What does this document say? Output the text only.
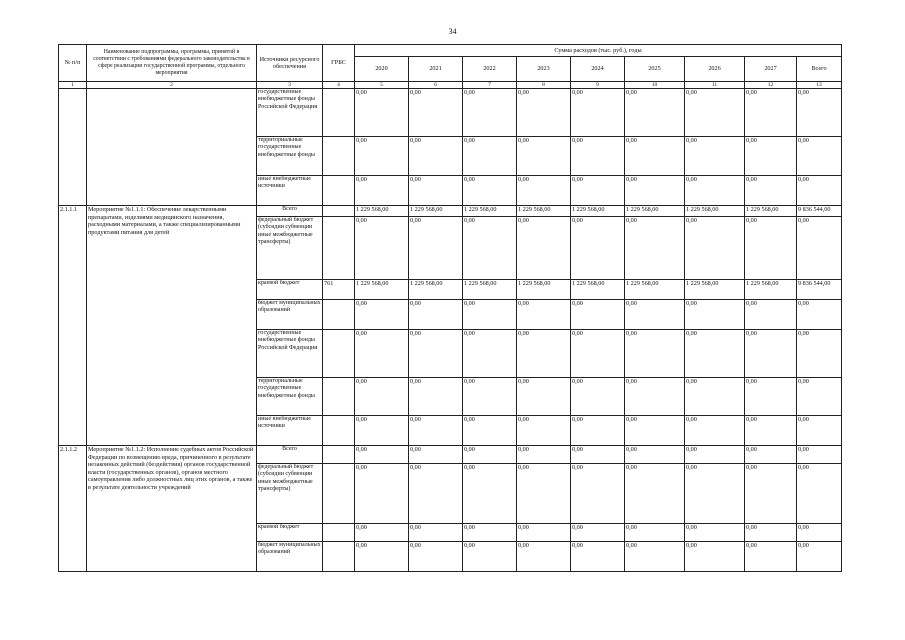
34
№ п/п	Наименование подпрограммы, программы, принятой в соответствии с требованиями федерального законодательства в сфере реализации государственной программы, отдельного мероприятия	Источники ресурсного обеспечения	ГРБС	Сумма расходов (тыс. руб.), годы								
				2020	2021	2022	2023	2024	2025	2026	2027	Всего
1	2	3	4	5	6	7	8	9	10	11	12	13
		государственные внебюджетные фонды Российской Федерации		0,00	0,00	0,00	0,00	0,00	0,00	0,00	0,00	0,00
		территориальные государственные внебюджетные фонды		0,00	0,00	0,00	0,00	0,00	0,00	0,00	0,00	0,00
		иные внебюджетные источники		0,00	0,00	0,00	0,00	0,00	0,00	0,00	0,00	0,00
2.1.1.1	Мероприятие №1.1.1: Обеспечение лекарственными препаратами, изделиями медицинского назначения, расходными материалами, а также специализированными продуктами питания для детей	Всего		1 229 568,00	1 229 568,00	1 229 568,00	1 229 568,00	1 229 568,00	1 229 568,00	1 229 568,00	1 229 568,00	9 836 544,00
		федеральный бюджет (субсидии субвенции иные межбюджетные трансферты)		0,00	0,00	0,00	0,00	0,00	0,00	0,00	0,00	0,00
		краевой бюджет	761	1 229 568,00	1 229 568,00	1 229 568,00	1 229 568,00	1 229 568,00	1 229 568,00	1 229 568,00	1 229 568,00	9 836 544,00
		бюджет муниципальных образований		0,00	0,00	0,00	0,00	0,00	0,00	0,00	0,00	0,00
		государственные внебюджетные фонды Российской Федерации		0,00	0,00	0,00	0,00	0,00	0,00	0,00	0,00	0,00
		территориальные государственные внебюджетные фонды		0,00	0,00	0,00	0,00	0,00	0,00	0,00	0,00	0,00
		иные внебюджетные источники		0,00	0,00	0,00	0,00	0,00	0,00	0,00	0,00	0,00
2.1.1.2	Мероприятие №1.1.2: Исполнение судебных актов Российской Федерации по возмещению вреда, причиненного в результате незаконных действий (бездействия) органов государственной власти (государственных органов), органов местного самоуправления либо должностных лиц этих органов, а также в результате деятельности учреждений	Всего		0,00	0,00	0,00	0,00	0,00	0,00	0,00	0,00	0,00
		федеральный бюджет (субсидии субвенции иные межбюджетные трансферты)		0,00	0,00	0,00	0,00	0,00	0,00	0,00	0,00	0,00
		краевой бюджет		0,00	0,00	0,00	0,00	0,00	0,00	0,00	0,00	0,00
		бюджет муниципальных образований		0,00	0,00	0,00	0,00	0,00	0,00	0,00	0,00	0,00
